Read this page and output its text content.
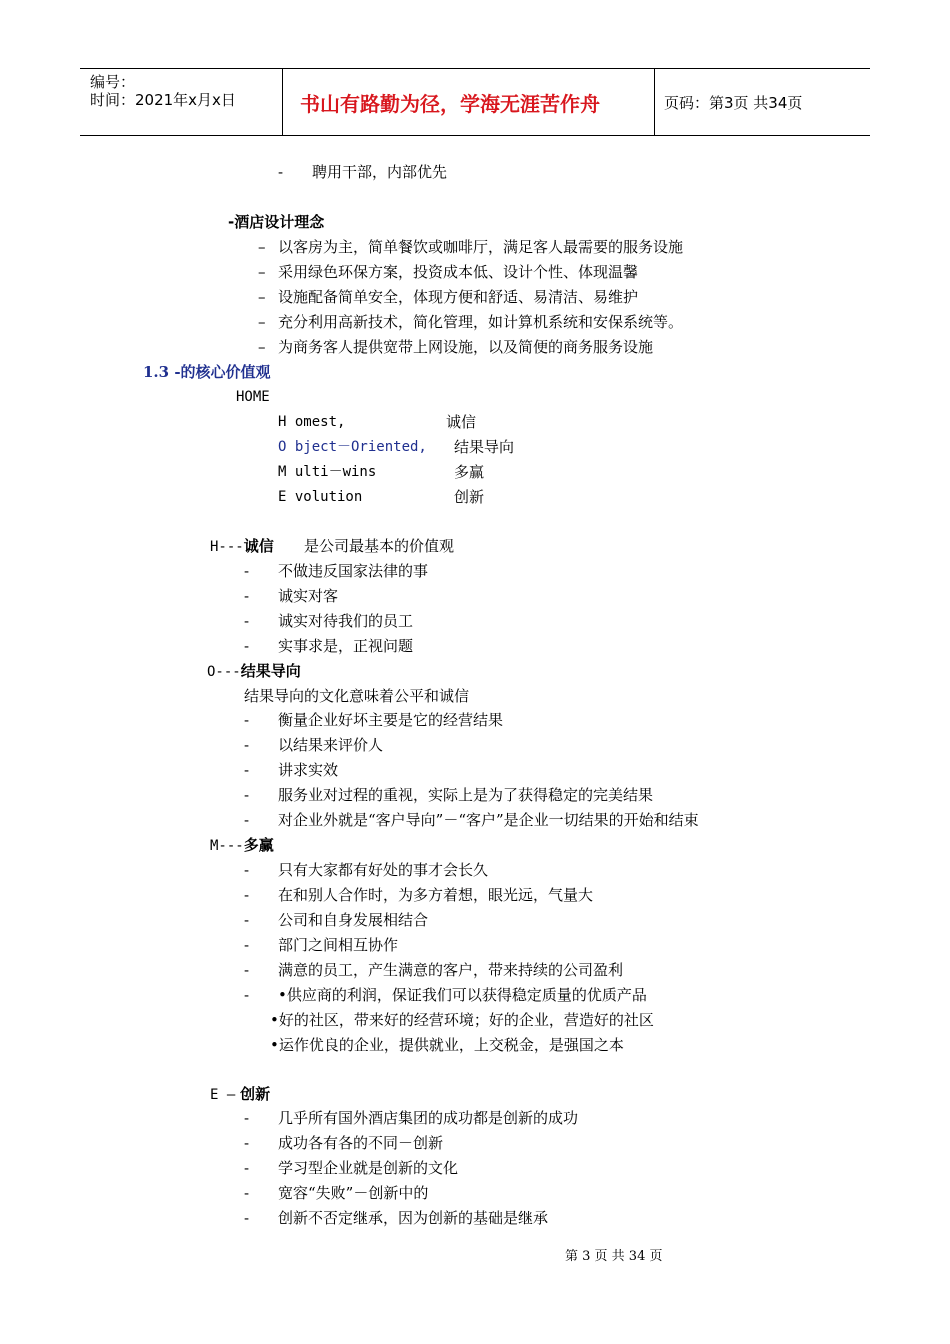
编号：
时间：2021年x月x日	书山有路勤为径，学海无涯苦作舟	页码：第3页 共34页
- 聘用干部，内部优先
-酒店设计理念
– 以客房为主，简单餐饮或咖啡厅，满足客人最需要的服务设施
– 采用绿色环保方案，投资成本低、设计个性、体现温馨
– 设施配备简单安全，体现方便和舒适、易清洁、易维护
– 充分利用高新技术，简化管理，如计算机系统和安保系统等。
– 为商务客人提供宽带上网设施，以及简便的商务服务设施
1.3 -的核心价值观
HOME
H omest,	诚信
O bject－Oriented, 结果导向
M ulti－wins	多赢
E volution	创新
H---诚信 是公司最基本的价值观
- 不做违反国家法律的事
- 诚实对客
- 诚实对待我们的员工
- 实事求是，正视问题
O---结果导向
结果导向的文化意味着公平和诚信
- 衡量企业好坏主要是它的经营结果
- 以结果来评价人
- 讲求实效
- 服务业对过程的重视，实际上是为了获得稳定的完美结果
- 对企业外就是“客户导向”－“客户”是企业一切结果的开始和结束
M---多赢
- 只有大家都有好处的事才会长久
- 在和别人合作时，为多方着想，眼光远，气量大
- 公司和自身发展相结合
- 部门之间相互协作
- 满意的员工，产生满意的客户，带来持续的公司盈利
- •供应商的利润，保证我们可以获得稳定质量的优质产品
•好的社区，带来好的经营环境；好的企业，营造好的社区
•运作优良的企业，提供就业，上交税金，是强国之本
E — 创新
- 几乎所有国外酒店集团的成功都是创新的成功
- 成功各有各的不同－创新
- 学习型企业就是创新的文化
- 宽容“失败”－创新中的
- 创新不否定继承，因为创新的基础是继承
第 3 页 共 34 页
